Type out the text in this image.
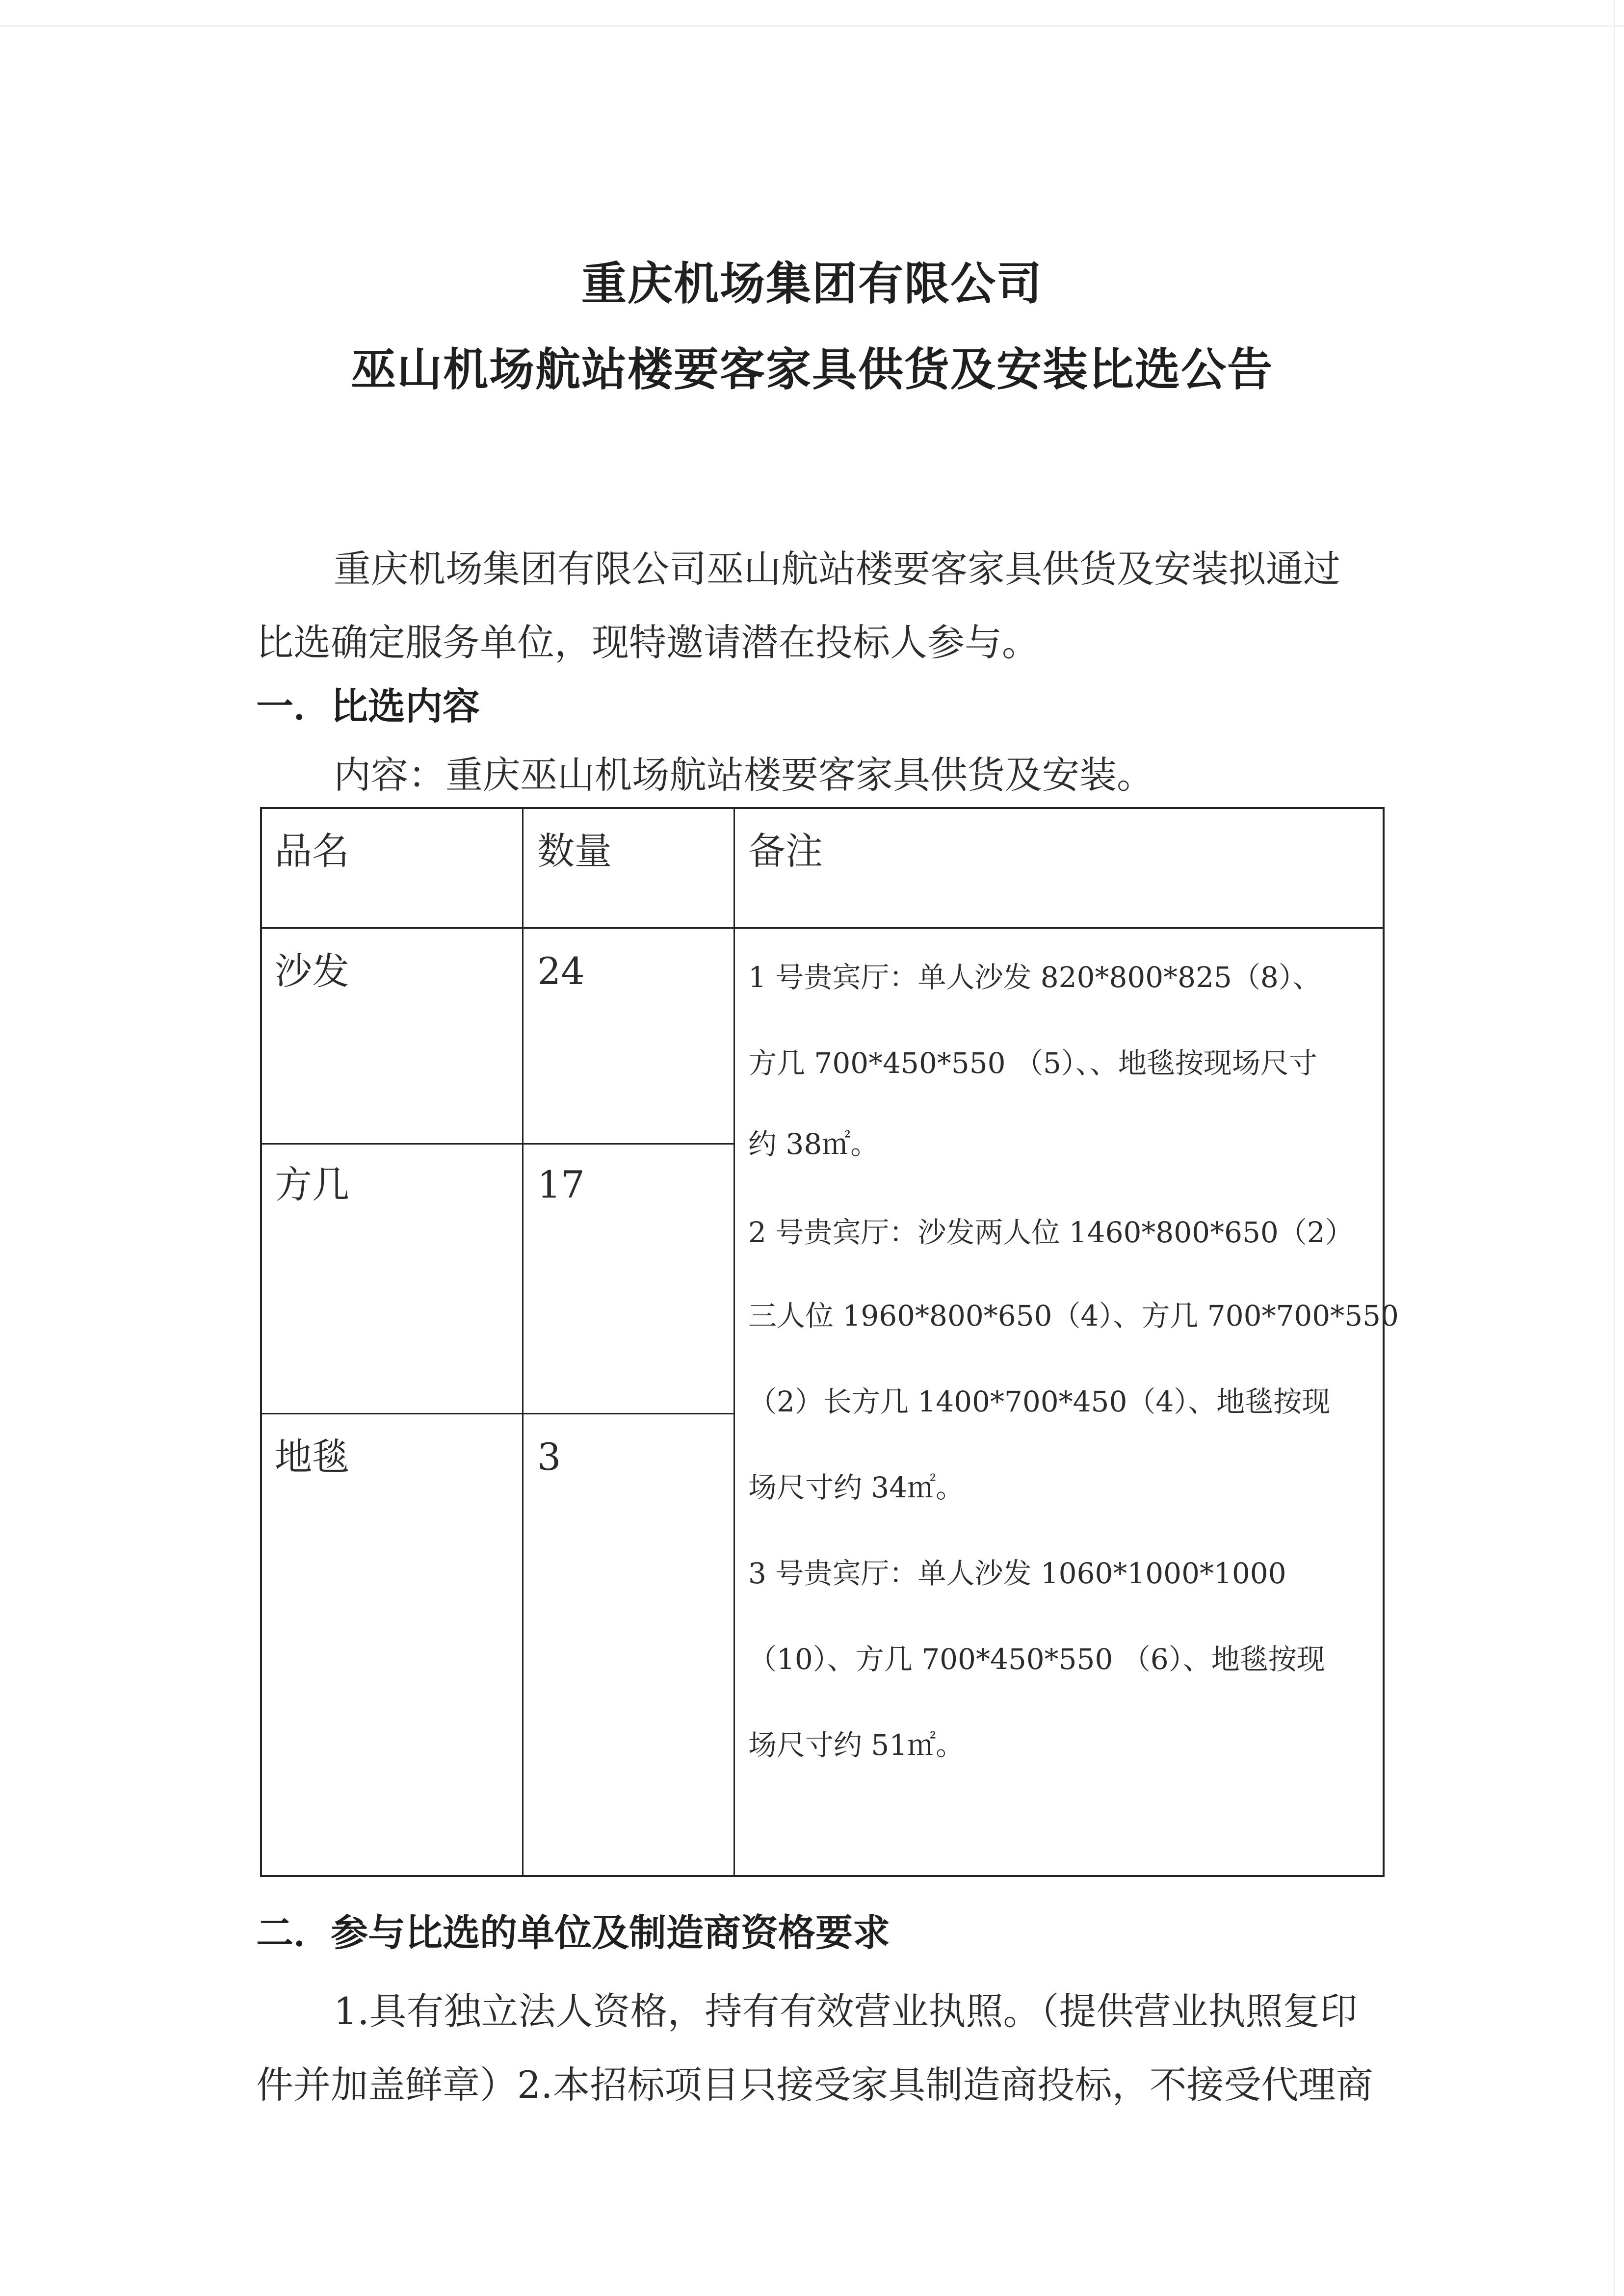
重庆机场集团有限公司
巫山机场航站楼要客家具供货及安装比选公告
重庆机场集团有限公司巫山航站楼要客家具供货及安装拟通过
比选确定服务单位，现特邀请潜在投标人参与。
一．比选内容
内容：重庆巫山机场航站楼要客家具供货及安装。
品名	数量	备注
沙发	24
方几	17
地毯	3
1 号贵宾厅：单人沙发 820*800*825（8）、
方几 700*450*550 （5）、、地毯按现场尺寸
约 38㎡。
2 号贵宾厅：沙发两人位 1460*800*650（2）
三人位 1960*800*650（4）、方几 700*700*550
（2）长方几 1400*700*450（4）、地毯按现
场尺寸约 34㎡。
3 号贵宾厅：单人沙发 1060*1000*1000
（10）、方几 700*450*550 （6）、地毯按现
场尺寸约 51㎡。
二．参与比选的单位及制造商资格要求
1.具有独立法人资格，持有有效营业执照。（提供营业执照复印
件并加盖鲜章）2.本招标项目只接受家具制造商投标，不接受代理商
